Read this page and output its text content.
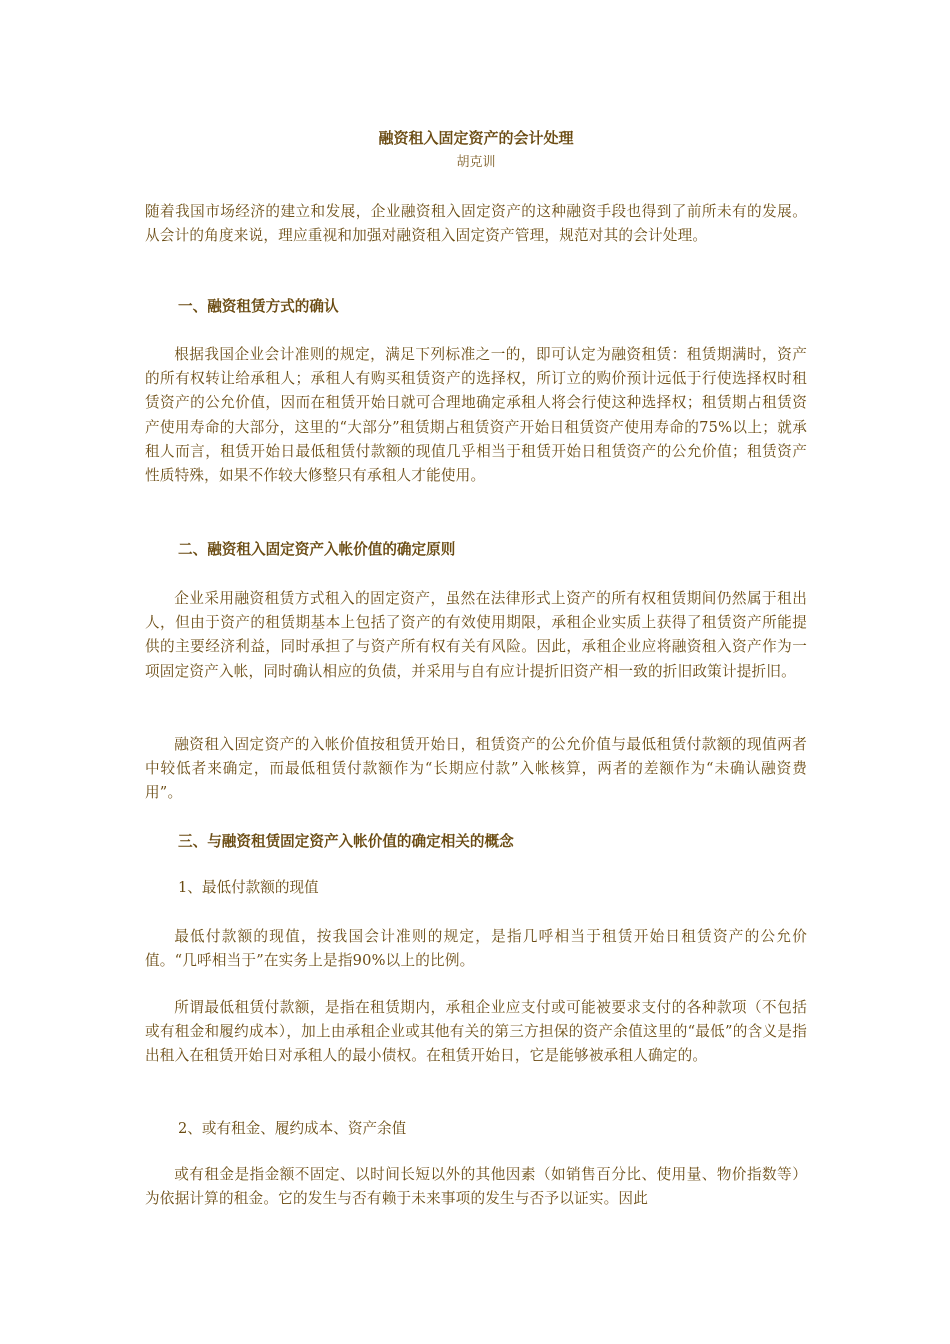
融资租入固定资产的会计处理
胡克训

随着我国市场经济的建立和发展，企业融资租入固定资产的这种融资手段也得到了前所未有的发展。从会计的角度来说，理应重视和加强对融资租入固定资产管理，规范对其的会计处理。

一、融资租赁方式的确认

根据我国企业会计准则的规定，满足下列标准之一的，即可认定为融资租赁：租赁期满时，资产的所有权转让给承租人；承租人有购买租赁资产的选择权，所订立的购价预计远低于行使选择权时租赁资产的公允价值，因而在租赁开始日就可合理地确定承租人将会行使这种选择权；租赁期占租赁资产使用寿命的大部分，这里的“大部分”租赁期占租赁资产开始日租赁资产使用寿命的75%以上；就承租人而言，租赁开始日最低租赁付款额的现值几乎相当于租赁开始日租赁资产的公允价值；租赁资产性质特殊，如果不作较大修整只有承租人才能使用。

二、融资租入固定资产入帐价值的确定原则

企业采用融资租赁方式租入的固定资产，虽然在法律形式上资产的所有权租赁期间仍然属于租出人，但由于资产的租赁期基本上包括了资产的有效使用期限，承租企业实质上获得了租赁资产所能提供的主要经济利益，同时承担了与资产所有权有关有风险。因此，承租企业应将融资租入资产作为一项固定资产入帐，同时确认相应的负债，并采用与自有应计提折旧资产相一致的折旧政策计提折旧。

融资租入固定资产的入帐价值按租赁开始日，租赁资产的公允价值与最低租赁付款额的现值两者中较低者来确定，而最低租赁付款额作为“长期应付款”入帐核算，两者的差额作为“未确认融资费用”。

三、与融资租赁固定资产入帐价值的确定相关的概念
1、最低付款额的现值

最低付款额的现值，按我国会计准则的规定，是指几呼相当于租赁开始日租赁资产的公允价值。“几呼相当于”在实务上是指90%以上的比例。

所谓最低租赁付款额，是指在租赁期内，承租企业应支付或可能被要求支付的各种款项（不包括或有租金和履约成本），加上由承租企业或其他有关的第三方担保的资产余值这里的“最低”的含义是指出租入在租赁开始日对承租人的最小债权。在租赁开始日，它是能够被承租人确定的。

2、或有租金、履约成本、资产余值

或有租金是指金额不固定、以时间长短以外的其他因素（如销售百分比、使用量、物价指数等）为依据计算的租金。它的发生与否有赖于未来事项的发生与否予以证实。因此
